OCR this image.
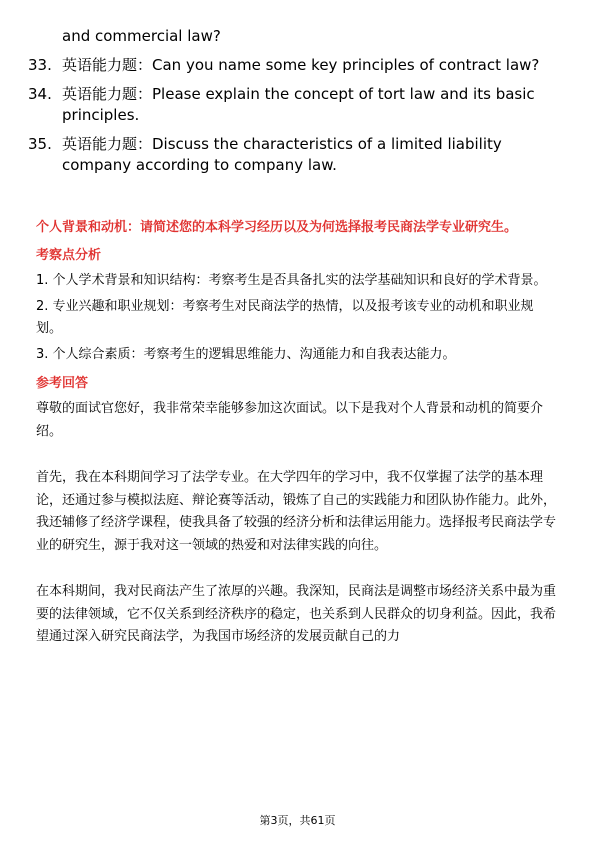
and commercial law?
33. 英语能力题：Can you name some key principles of contract law?
34. 英语能力题：Please explain the concept of tort law and its basic principles.
35. 英语能力题：Discuss the characteristics of a limited liability company according to company law.
个人背景和动机：请简述您的本科学习经历以及为何选择报考民商法学专业研究生。
考察点分析
1. 个人学术背景和知识结构：考察考生是否具备扎实的法学基础知识和良好的学术背景。
2. 专业兴趣和职业规划：考察考生对民商法学的热情，以及报考该专业的动机和职业规划。
3. 个人综合素质：考察考生的逻辑思维能力、沟通能力和自我表达能力。
参考回答

尊敬的面试官您好，我非常荣幸能够参加这次面试。以下是我对个人背景和动机的简要介绍。

首先，我在本科期间学习了法学专业。在大学四年的学习中，我不仅掌握了法学的基本理论，还通过参与模拟法庭、辩论赛等活动，锻炼了自己的实践能力和团队协作能力。此外，我还辅修了经济学课程，使我具备了较强的经济分析和法律运用能力。选择报考民商法学专业的研究生，源于我对这一领域的热爱和对法律实践的向往。

在本科期间，我对民商法产生了浓厚的兴趣。我深知，民商法是调整市场经济关系中最为重要的法律领域，它不仅关系到经济秩序的稳定，也关系到人民群众的切身利益。因此，我希望通过深入研究民商法学，为我国市场经济的发展贡献自己的力

第3页，共61页
